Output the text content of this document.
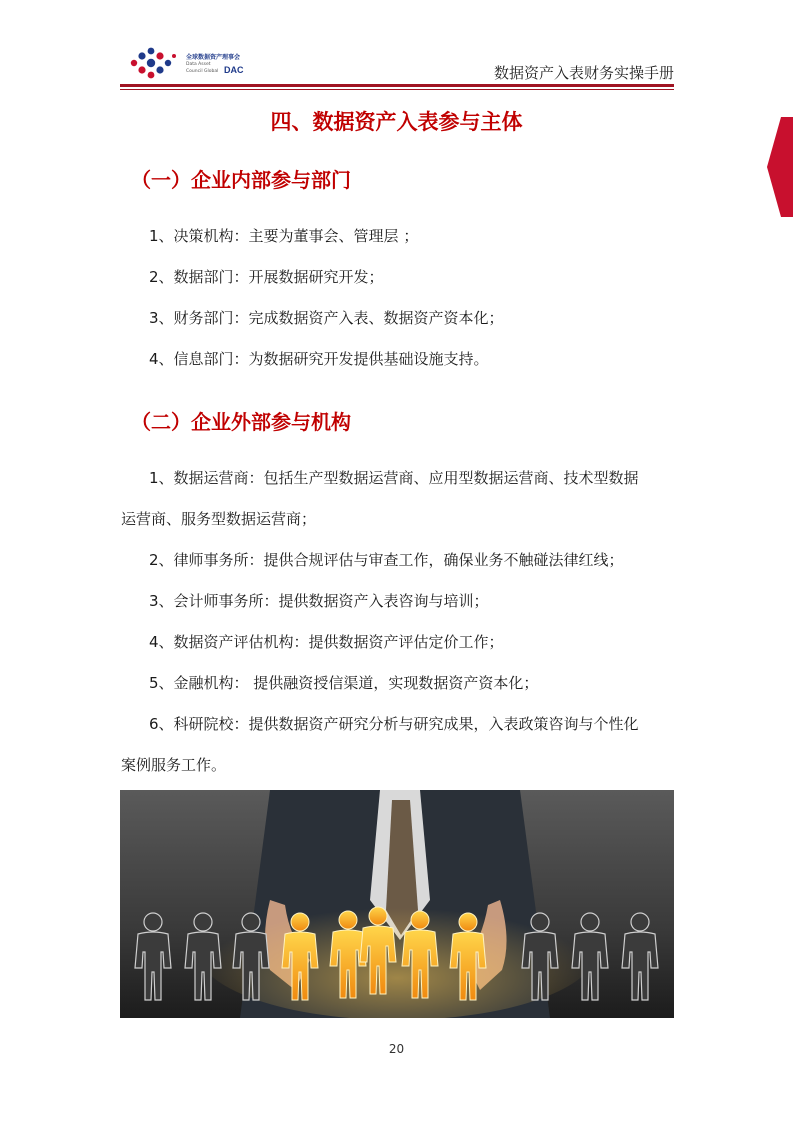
全球数据资产理事会
Data Asset
Council Global DAC	数据资产入表财务实操手册
四、数据资产入表参与主体
（一）企业内部参与部门
1、决策机构：主要为董事会、管理层 ；
2、数据部门：开展数据研究开发；
3、财务部门：完成数据资产入表、数据资产资本化；
4、信息部门：为数据研究开发提供基础设施支持。
（二）企业外部参与机构
1、数据运营商：包括生产型数据运营商、应用型数据运营商、技术型数据
运营商、服务型数据运营商；
2、律师事务所：提供合规评估与审查工作，确保业务不触碰法律红线；
3、会计师事务所：提供数据资产入表咨询与培训；
4、数据资产评估机构：提供数据资产评估定价工作；
5、金融机构： 提供融资授信渠道，实现数据资产资本化；
6、科研院校：提供数据资产研究分析与研究成果，入表政策咨询与个性化
案例服务工作。
20
